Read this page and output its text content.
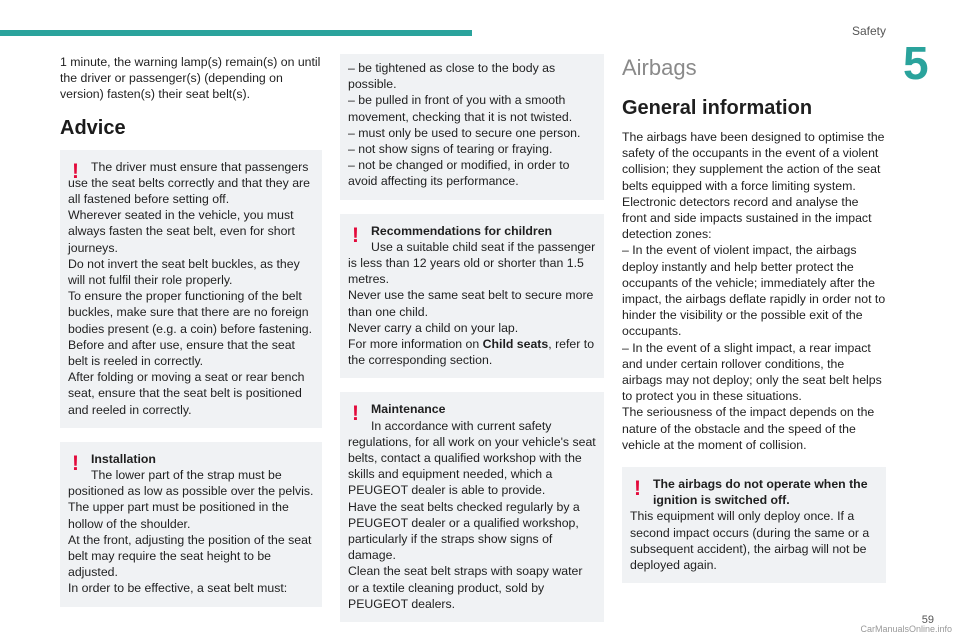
Safety
5

1 minute, the warning lamp(s) remain(s) on until the driver or passenger(s) (depending on version) fasten(s) their seat belt(s).

Advice
! The driver must ensure that passengers use the seat belts correctly and that they are all fastened before setting off.

Wherever seated in the vehicle, you must always fasten the seat belt, even for short journeys.

Do not invert the seat belt buckles, as they will not fulfil their role properly.

To ensure the proper functioning of the belt buckles, make sure that there are no foreign bodies present (e.g. a coin) before fastening.

Before and after use, ensure that the seat belt is reeled in correctly.

After folding or moving a seat or rear bench seat, ensure that the seat belt is positioned and reeled in correctly.

! Installation

The lower part of the strap must be positioned as low as possible over the pelvis.

The upper part must be positioned in the hollow of the shoulder.

At the front, adjusting the position of the seat belt may require the seat height to be adjusted.

In order to be effective, a seat belt must:

– be tightened as close to the body as possible.

– be pulled in front of you with a smooth movement, checking that it is not twisted.

– must only be used to secure one person.

– not show signs of tearing or fraying.

– not be changed or modified, in order to avoid affecting its performance.

! Recommendations for children

Use a suitable child seat if the passenger is less than 12 years old or shorter than 1.5 metres.

Never use the same seat belt to secure more than one child.

Never carry a child on your lap.

For more information on Child seats, refer to the corresponding section.

! Maintenance

In accordance with current safety regulations, for all work on your vehicle's seat belts, contact a qualified workshop with the skills and equipment needed, which a PEUGEOT dealer is able to provide.

Have the seat belts checked regularly by a PEUGEOT dealer or a qualified workshop, particularly if the straps show signs of damage.

Clean the seat belt straps with soapy water or a textile cleaning product, sold by PEUGEOT dealers.

Airbags
General information

The airbags have been designed to optimise the safety of the occupants in the event of a violent collision; they supplement the action of the seat belts equipped with a force limiting system.

Electronic detectors record and analyse the front and side impacts sustained in the impact detection zones:

– In the event of violent impact, the airbags deploy instantly and help better protect the occupants of the vehicle; immediately after the impact, the airbags deflate rapidly in order not to hinder the visibility or the possible exit of the occupants.

– In the event of a slight impact, a rear impact and under certain rollover conditions, the airbags may not deploy; only the seat belt helps to protect you in these situations.

The seriousness of the impact depends on the nature of the obstacle and the speed of the vehicle at the moment of collision.

! The airbags do not operate when the ignition is switched off.

This equipment will only deploy once. If a second impact occurs (during the same or a subsequent accident), the airbag will not be deployed again.

59
CarManualsOnline.info
